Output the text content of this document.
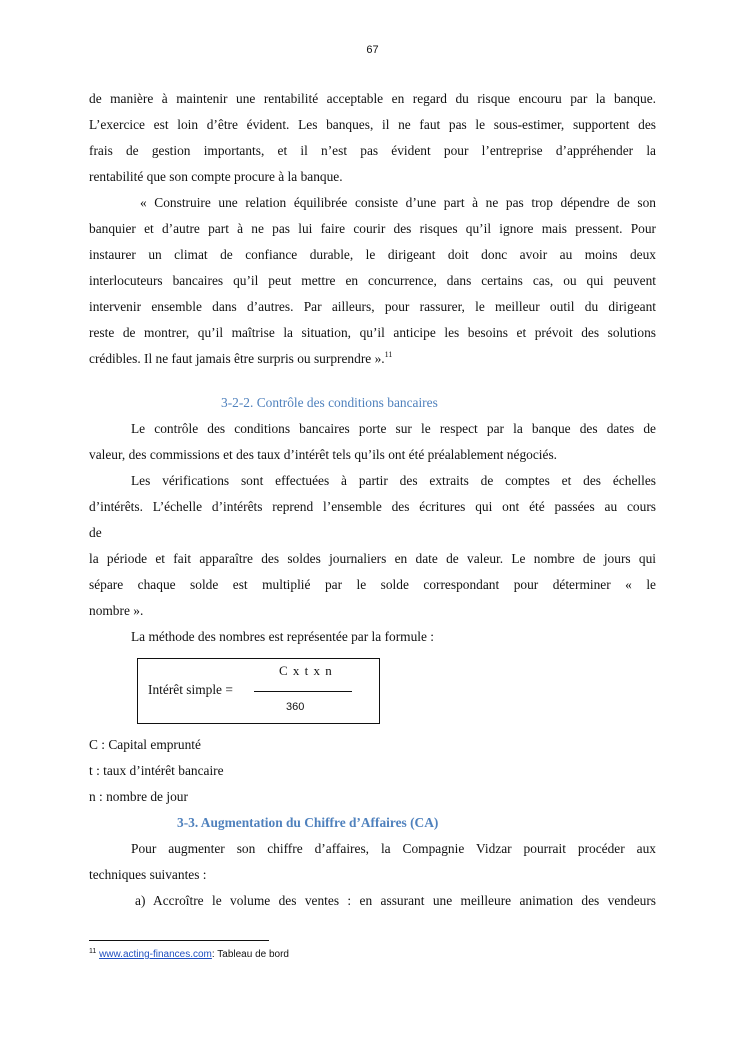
67

de manière à maintenir une rentabilité acceptable en regard du risque encouru par la banque.

L’exercice est loin d’être évident. Les banques, il ne faut pas le sous-estimer, supportent des

frais de gestion importants, et il n’est pas évident pour l’entreprise d’appréhender la

rentabilité que son compte procure à la banque.

« Construire une relation équilibrée consiste d’une part à ne pas trop dépendre de son

banquier et d’autre part à ne pas lui faire courir des risques qu’il ignore mais pressent. Pour

instaurer un climat de confiance durable, le dirigeant doit donc avoir au moins deux

interlocuteurs bancaires qu’il peut mettre en concurrence, dans certains cas, ou qui peuvent

intervenir ensemble dans d’autres. Par ailleurs, pour rassurer, le meilleur outil du dirigeant

reste de montrer, qu’il maîtrise la situation, qu’il anticipe les besoins et prévoit des solutions

crédibles. Il ne faut jamais être surpris ou surprendre ».$^{11}$

3-2-2. Contrôle des conditions bancaires

Le contrôle des conditions bancaires porte sur le respect par la banque des dates de

valeur, des commissions et des taux d’intérêt tels qu’ils ont été préalablement négociés.

Les vérifications sont effectuées à partir des extraits de comptes et des échelles

d’intérêts. L’échelle d’intérêts reprend l’ensemble des écritures qui ont été passées au cours

de

la période et fait apparaître des soldes journaliers en date de valeur. Le nombre de jours qui

sépare chaque solde est multiplié par le solde correspondant pour déterminer « le

nombre ».

La méthode des nombres est représentée par la formule :

C x t x n
Intérêt simple =
360

C : Capital emprunté

t : taux d’intérêt bancaire

n : nombre de jour

3-3. Augmentation du Chiffre d’Affaires (CA)

Pour augmenter son chiffre d’affaires, la Compagnie Vidzar pourrait procéder aux

techniques suivantes :

a) Accroître le volume des ventes : en assurant une meilleure animation des vendeurs

$^{11}$ www.acting-finances.com: Tableau de bord
